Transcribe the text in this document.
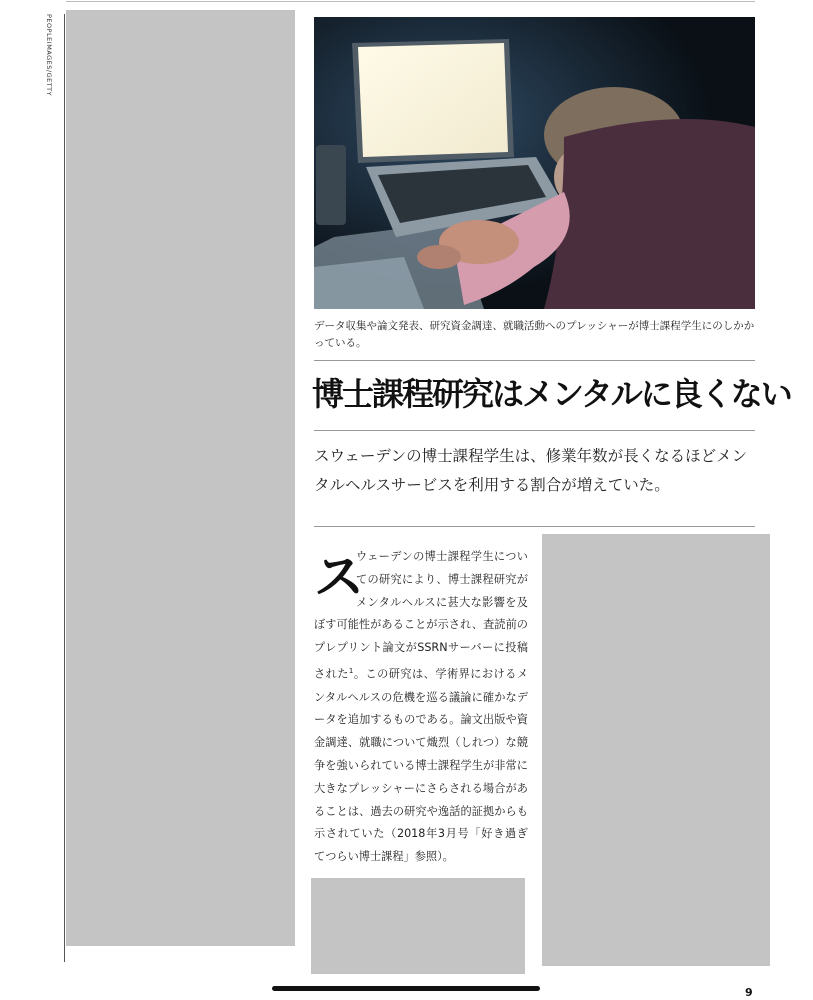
PEOPLEIMAGES/GETTY
データ収集や論文発表、研究資金調達、就職活動へのプレッシャーが博士課程学生にのしかかっている。
博士課程研究はメンタルに良くない
スウェーデンの博士課程学生は、修業年数が長くなるほどメンタルヘルスサービスを利用する割合が増えていた。
ス
ウェーデンの博士課程学生についての研究により、博士課程研究がメンタルヘルスに甚大な影響を及ぼす可能性があることが示され、査読前のプレプリント論文がSSRNサーバーに投稿された$^1$。この研究は、学術界におけるメンタルヘルスの危機を巡る議論に確かなデータを追加するものである。論文出版や資金調達、就職について熾烈（しれつ）な競争を強いられている博士課程学生が非常に大きなプレッシャーにさらされる場合があることは、過去の研究や逸話的証拠からも示されていた（2018年3月号「好き過ぎてつらい博士課程」参照）。
9
